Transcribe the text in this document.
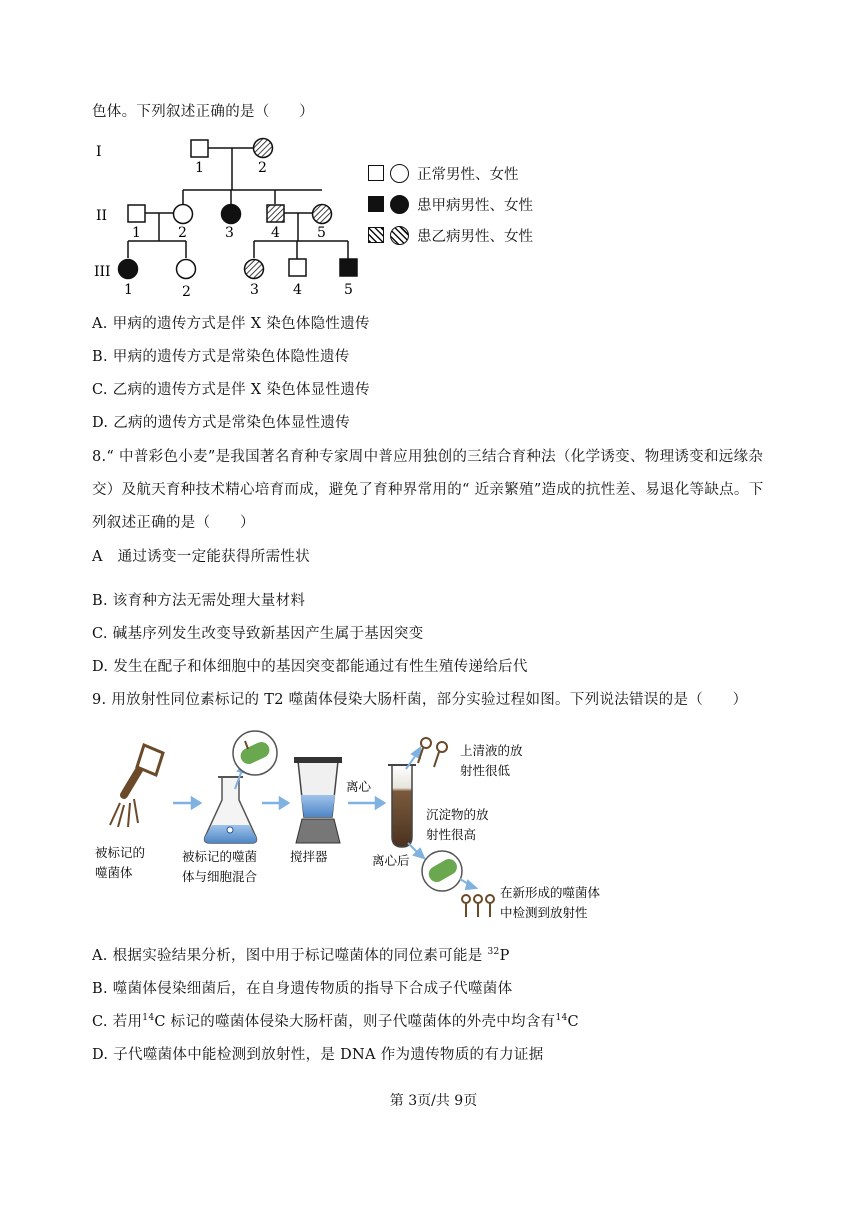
色体。下列叙述正确的是（　　）
I
II
III
1	2
1	2	3	4	5
1	2	3 4	5
正常男性、女性
患甲病男性、女性
患乙病男性、女性
A. 甲病的遗传方式是伴 X 染色体隐性遗传
B. 甲病的遗传方式是常染色体隐性遗传
C. 乙病的遗传方式是伴 X 染色体显性遗传
D. 乙病的遗传方式是常染色体显性遗传
8.“ 中普彩色小麦”是我国著名育种专家周中普应用独创的三结合育种法（化学诱变、物理诱变和远缘杂
交）及航天育种技术精心培育而成，避免了育种界常用的“ 近亲繁殖”造成的抗性差、易退化等缺点。下
列叙述正确的是（　　）
A　通过诱变一定能获得所需性状
B. 该育种方法无需处理大量材料
C. 碱基序列发生改变导致新基因产生属于基因突变
D. 发生在配子和体细胞中的基因突变都能通过有性生殖传递给后代
9. 用放射性同位素标记的 T2 噬菌体侵染大肠杆菌，部分实验过程如图。下列说法错误的是（　　）
被标记的
噬菌体
被标记的噬菌
体与细胞混合
搅拌器
离心
离心后
上清液的放
射性很低
沉淀物的放
射性很高
在新形成的噬菌体
中检测到放射性
A. 根据实验结果分析，图中用于标记噬菌体的同位素可能是 $^{32}$P
B. 噬菌体侵染细菌后，在自身遗传物质的指导下合成子代噬菌体
C. 若用$^{14}$C 标记的噬菌体侵染大肠杆菌，则子代噬菌体的外壳中均含有$^{14}$C
D. 子代噬菌体中能检测到放射性，是 DNA 作为遗传物质的有力证据
第 3页/共 9页
